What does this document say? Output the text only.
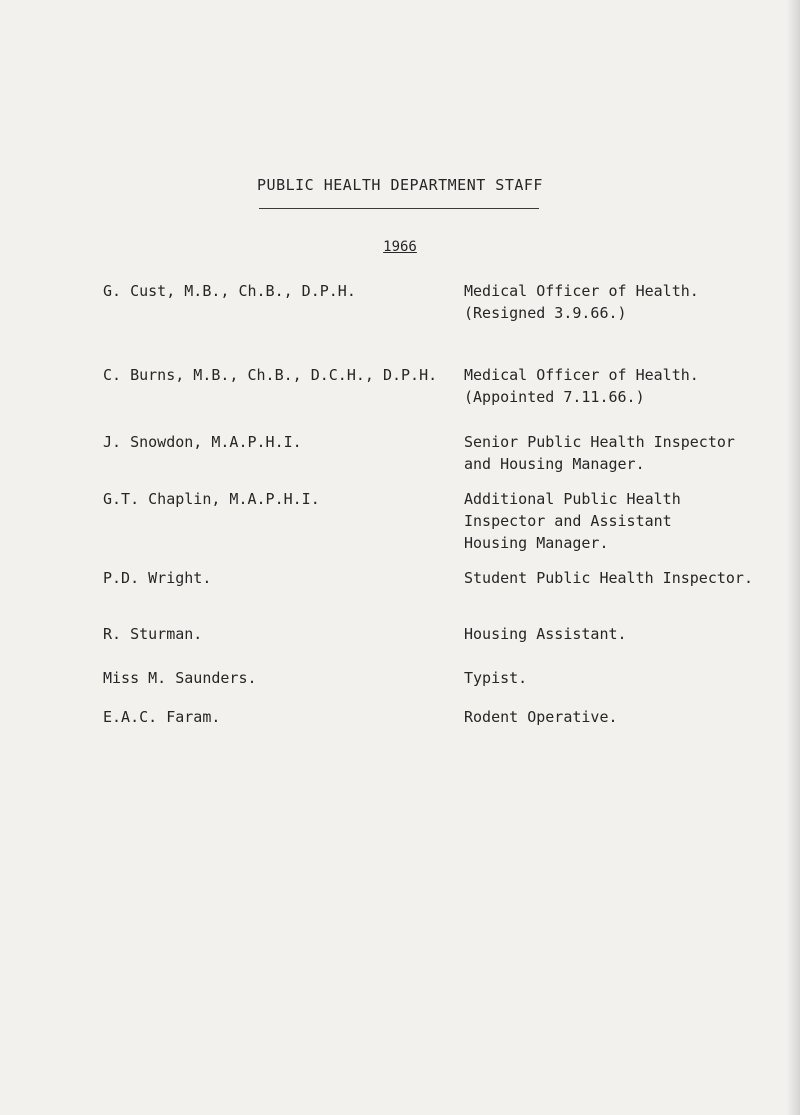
PUBLIC HEALTH DEPARTMENT STAFF
1966
G. Cust, M.B., Ch.B., D.P.H.	Medical Officer of Health.
(Resigned 3.9.66.)
C. Burns, M.B., Ch.B., D.C.H., D.P.H.	Medical Officer of Health.
(Appointed 7.11.66.)
J. Snowdon, M.A.P.H.I.	Senior Public Health Inspector
and Housing Manager.
G.T. Chaplin, M.A.P.H.I.	Additional Public Health
Inspector and Assistant
Housing Manager.
P.D. Wright.	Student Public Health Inspector.
R. Sturman.	Housing Assistant.
Miss M. Saunders.	Typist.
E.A.C. Faram.	Rodent Operative.
